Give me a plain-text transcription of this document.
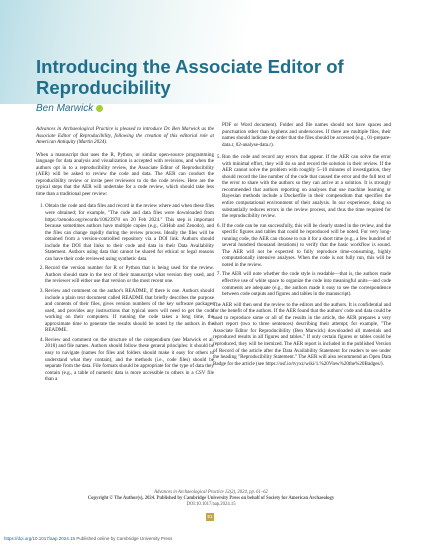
Introducing the Associate Editor of Reproducibility
Ben Marwick

Advances in Archaeological Practice is pleased to introduce Dr. Ben Marwick as the Associate Editor of Reproducibility, following the creation of this editorial role at American Antiquity (Martin 2024).

When a manuscript that uses the R, Python, or similar open-source programming language for data analysis and visualization is accepted with revisions, and when the authors opt in to a reproducibility review, the Associate Editor of Reproducibility (AER) will be asked to review the code and data. The AER can conduct the reproducibility review or invite peer reviewers to do the code review. Here are the typical steps that the AER will undertake for a code review, which should take less time than a traditional peer review:

1. Obtain the code and data files and record in the review where and when these files were obtained; for example, "The code and data files were downloaded from https://zenodo.org/records/10623970 on 20 Feb 2024." This step is important because sometimes authors have multiple copies (e.g., GitHub and Zenodo), and the files can change rapidly during the review process. Ideally the files will be obtained from a version-controlled repository via a DOI link. Authors should include the DOI that links to their code and data in their Data Availability Statement. Authors using data that cannot be shared for ethical or legal reasons can have their code reviewed using synthetic data.
2. Record the version number for R or Python that is being used for the review. Authors should state in the text of their manuscript what version they used, and the reviewer will either use that version or the most recent one.
3. Review and comment on the author's README, if there is one. Authors should include a plain text document called README that briefly describes the purpose and contents of their files, gives version numbers of the key software packages used, and provides any instructions that typical users will need to get the code working on their computers. If running the code takes a long time, the approximate time to generate the results should be noted by the authors in the README.
4. Review and comment on the structure of the compendium (see Marwick et al. 2018) and file names. Authors should follow these general principles: it should be easy to navigate (names for files and folders should make it easy for others to understand what they contain), and the methods (i.e., code files) should be separate from the data. File formats should be appropriate for the type of data they contain (e.g., a table of numeric data is more accessible to others in a CSV file than a

PDF or Word document). Folder and file names should not have spaces and punctuation other than hyphens and underscores. If there are multiple files, their names should indicate the order that the files should be accessed (e.g., 01-prepare-data.r, 02-analyse-data.r).

5. Run the code and record any errors that appear. If the AER can solve the error with minimal effort, they will do so and record the solution in their review. If the AER cannot solve the problem with roughly 5–10 minutes of investigation, they should record the line number of the code that caused the error and the full text of the error to share with the authors so they can arrive at a solution. It is strongly recommended that authors reporting on analyses that use machine learning or Bayesian methods include a Dockerfile in their compendium that specifies the entire computational environment of their analysis. In our experience, doing so substantially reduces errors in the review process, and thus the time required for the reproducibility review.
6. If the code can be run successfully, this will be clearly stated in the review, and the specific figures and tables that could be reproduced will be noted. For very long-running code, the AER can choose to run it for a short time (e.g., a few hundred of several hundred thousand iterations) to verify that the basic workflow is sound. The AER will not be expected to fully reproduce time-consuming, highly computationally intensive analyses. When the code is not fully run, this will be noted in the review.
7. The AER will note whether the code style is readable—that is, the authors made effective use of white space to organize the code into meaningful units—and code comments are adequate (e.g., the authors made it easy to see the correspondence between code outputs and figures and tables in the manuscript).

The AER will then send the review to the editors and the authors. It is confidential and for the benefit of the authors. If the AER found that the authors' code and data could be used to reproduce some or all of the results in the article, the AER prepares a very short report (two to three sentences) describing their attempt; for example, "The Associate Editor for Reproducibility (Ben Marwick) downloaded all materials and reproduced results in all figures and tables." If only certain figures or tables could be reproduced, they will be itemized. The AER report is included in the published Version of Record of the article after the Data Availability Statement for readers to see under the heading "Reproducibility Statement." The AER will also recommend an Open Data Badge for the article (see https://osf.io/tvyxz/wiki/1.%20View%20the%20Badges/).

Advances in Archaeological Practice 12(2), 2024, pp. 61–62
Copyright © The Author(s), 2024. Published by Cambridge University Press on behalf of Society for American Archaeology
DOI:10.1017/aap.2024.15
61
https://doi.org/10.1017/aap.2024.15 Published online by Cambridge University Press
